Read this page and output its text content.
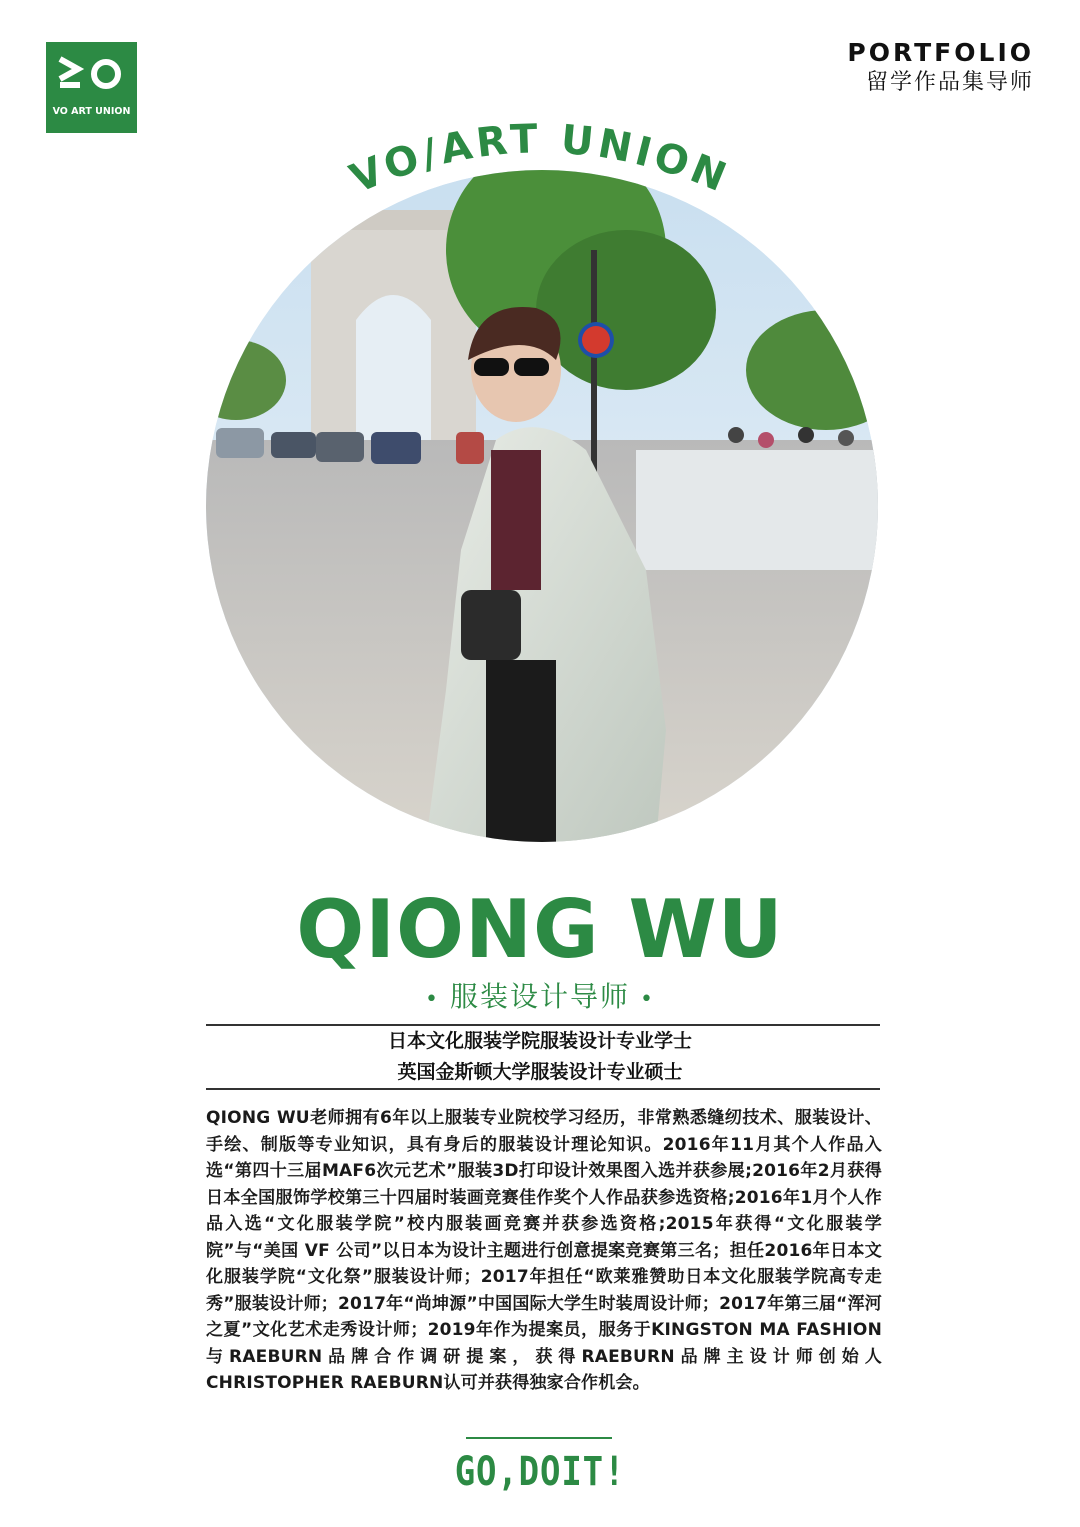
VO ART UNION
PORTFOLIO
留学作品集导师
VO/ART UNION
QIONG WU
• 服装设计导师 •
日本文化服装学院服装设计专业学士
英国金斯顿大学服装设计专业硕士
QIONG WU老师拥有6年以上服装专业院校学习经历，非常熟悉缝纫技术、服装设计、手绘、制版等专业知识，具有身后的服装设计理论知识。2016年11月其个人作品入选“第四十三届MAF6次元艺术”服装3D打印设计效果图入选并获参展;2016年2月获得日本全国服饰学校第三十四届时装画竞赛佳作奖个人作品获参选资格;2016年1月个人作品入选“文化服装学院”校内服装画竞赛并获参选资格;2015年获得“文化服装学院”与“美国 VF 公司”以日本为设计主题进行创意提案竞赛第三名；担任2016年日本文化服装学院“文化祭”服装设计师；2017年担任“欧莱雅赞助日本文化服装学院高专走秀”服装设计师；2017年“尚坤源”中国国际大学生时装周设计师；2017年第三届“浑河之夏”文化艺术走秀设计师；2019年作为提案员，服务于KINGSTON MA FASHION与RAEBURN品牌合作调研提案，获得RAEBURN品牌主设计师创始人CHRISTOPHER RAEBURN认可并获得独家合作机会。
GO,DOIT!
